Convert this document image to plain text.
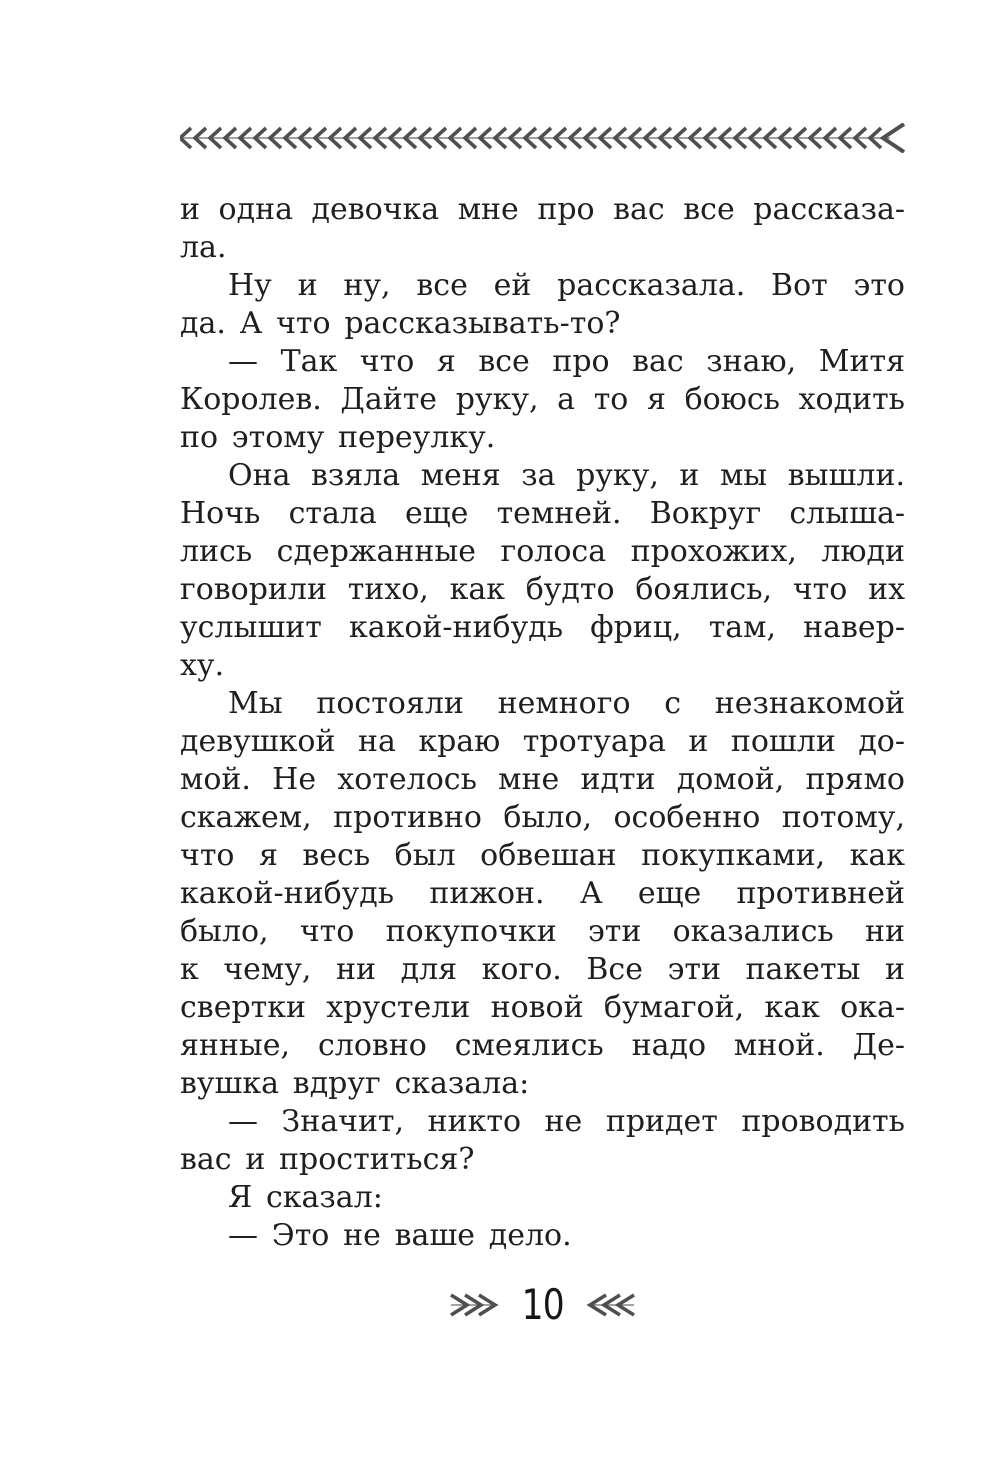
и одна девочка мне про вас все рассказа-
ла.
Ну и ну, все ей рассказала. Вот это
да. А что рассказывать-то?
— Так что я все про вас знаю, Митя
Королев. Дайте руку, а то я боюсь ходить
по этому переулку.
Она взяла меня за руку, и мы вышли.
Ночь стала еще темней. Вокруг слыша-
лись сдержанные голоса прохожих, люди
говорили тихо, как будто боялись, что их
услышит какой-нибудь фриц, там, навер-
ху.
Мы постояли немного с незнакомой
девушкой на краю тротуара и пошли до-
мой. Не хотелось мне идти домой, прямо
скажем, противно было, особенно потому,
что я весь был обвешан покупками, как
какой-нибудь пижон. А еще противней
было, что покупочки эти оказались ни
к чему, ни для кого. Все эти пакеты и
свертки хрустели новой бумагой, как ока-
янные, словно смеялись надо мной. Де-
вушка вдруг сказала:
— Значит, никто не придет проводить
вас и проститься?
Я сказал:
— Это не ваше дело.
10
